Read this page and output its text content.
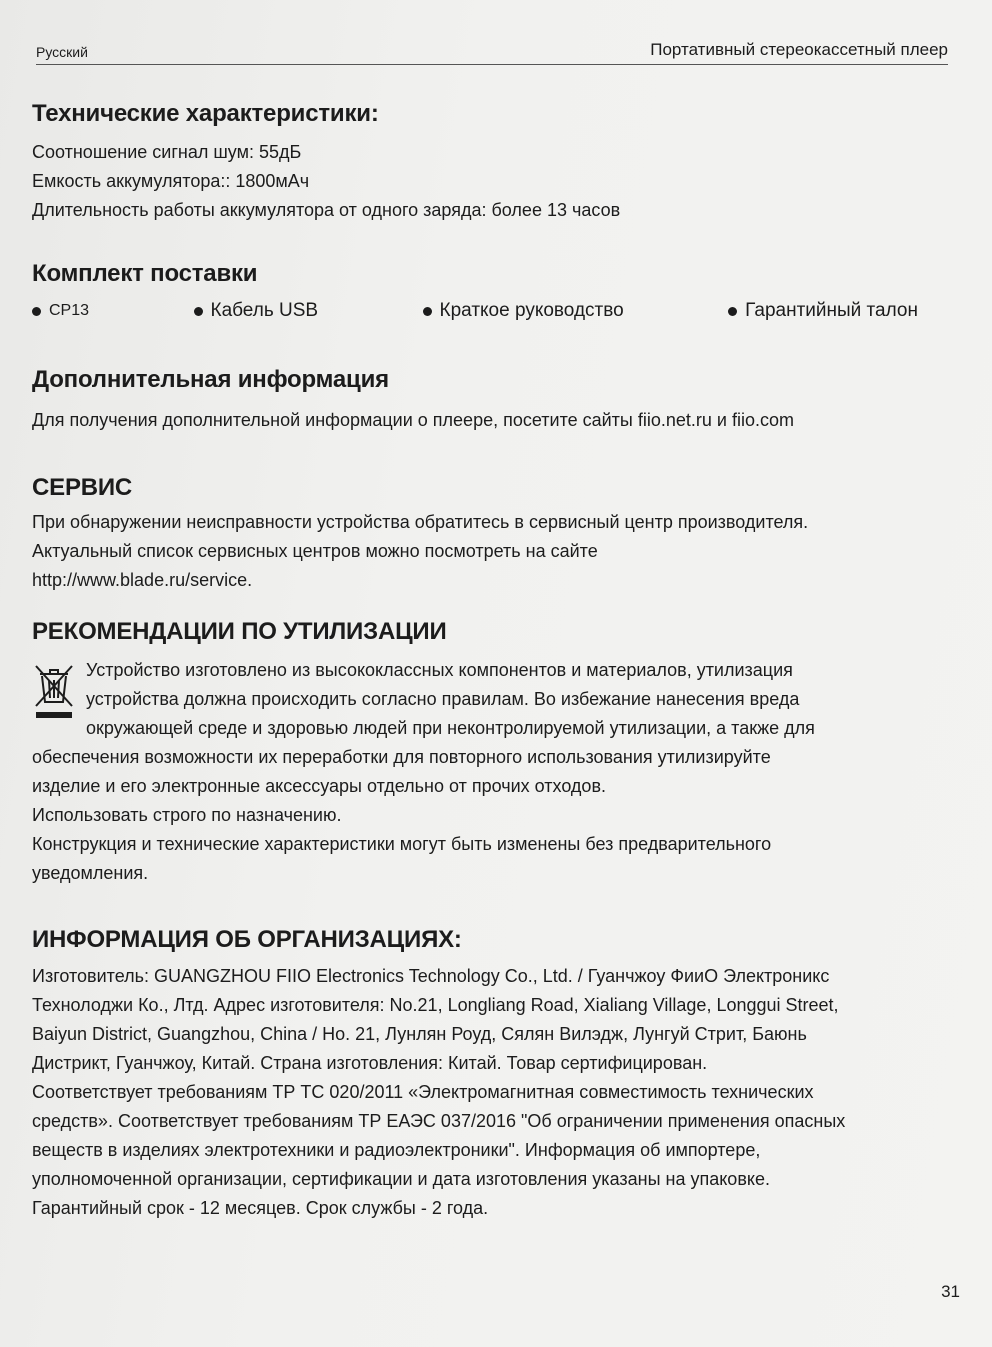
Русский	Портативный стереокассетный плеер
Технические характеристики:

Соотношение сигнал шум: 55дБ

Емкость аккумулятора:: 1800мАч

Длительность работы аккумулятора от одного заряда: более 13 часов

Комплект поставки
CP13	Кабель USB	Краткое руководство	Гарантийный талон
Дополнительная информация

Для получения дополнительной информации о плеере, посетите сайты fiio.net.ru и fiio.com

СЕРВИС

При обнаружении неисправности устройства обратитесь в сервисный центр производителя.

Актуальный список сервисных центров можно посмотреть на сайте

http://www.blade.ru/service.

РЕКОМЕНДАЦИИ ПО УТИЛИЗАЦИИ

Устройство изготовлено из высококлассных компонентов и материалов, утилизация

устройства должна происходить согласно правилам. Во избежание нанесения вреда

окружающей среде и здоровью людей при неконтролируемой утилизации, а также для

обеспечения возможности их переработки для повторного использования утилизируйте

изделие и его электронные аксессуары отдельно от прочих отходов.

Использовать строго по назначению.

Конструкция и технические характеристики могут быть изменены без предварительного

уведомления.

ИНФОРМАЦИЯ ОБ ОРГАНИЗАЦИЯХ:

Изготовитель: GUANGZHOU FIIO Electronics Technology Co., Ltd. / Гуанчжоу ФииО Электроникс

Технолоджи Ко., Лтд. Адрес изготовителя: No.21, Longliang Road, Xialiang Village, Longgui Street,

Baiyun District, Guangzhou, China / Но. 21, Лунлян Роуд, Сялян Вилэдж, Лунгуй Стрит, Баюнь

Дистрикт, Гуанчжоу, Китай. Страна изготовления: Китай. Товар сертифицирован.

Соответствует требованиям ТР ТС 020/2011 «Электромагнитная совместимость технических

средств». Соответствует требованиям ТР ЕАЭС 037/2016 "Об ограничении применения опасных

веществ в изделиях электротехники и радиоэлектроники". Информация об импортере,

уполномоченной организации, сертификации и дата изготовления указаны на упаковке.

Гарантийный срок - 12 месяцев. Срок службы - 2 года.

31
